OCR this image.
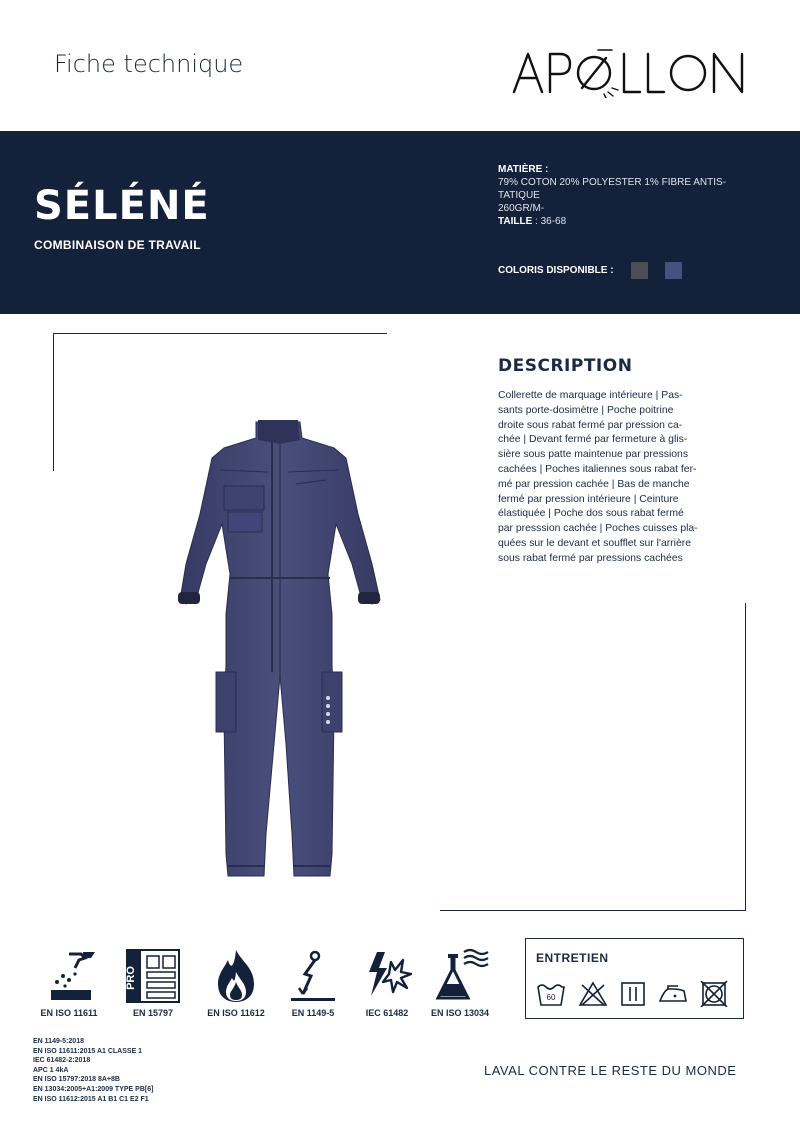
Fiche technique
SÉLÉNÉ
COMBINAISON DE TRAVAIL
MATIÈRE :
79% COTON 20% POLYESTER 1% FIBRE ANTIS-
TATIQUE
260GR/M-
TAILLE : 36-68
COLORIS DISPONIBLE :
DESCRIPTION
Collerette de marquage intérieure | Pas-
sants porte-dosimètre | Poche poitrine
droite sous rabat fermé par pression ca-
chée | Devant fermé par fermeture à glis-
sière sous patte maintenue par pressions
cachées | Poches italiennes sous rabat fer-
mé par pression cachée | Bas de manche
fermé par pression intérieure | Ceinture
élastiquée | Poche dos sous rabat fermé
par presssion cachée | Poches cuisses pla-
quées sur le devant et soufflet sur l'arrière
sous rabat fermé par pressions cachées
EN ISO 11611
PRO
EN 15797	EN ISO 11612	EN 1149-5	IEC 61482	EN ISO 13034
ENTRETIEN
60
EN 1149-5:2018
EN ISO 11611:2015 A1 CLASSE 1
IEC 61482-2:2018
APC 1 4kA
EN ISO 15797:2018 8A+8B
EN 13034:2005+A1:2009 TYPE PB[6]
EN ISO 11612:2015 A1 B1 C1 E2 F1
LAVAL CONTRE LE RESTE DU MONDE
